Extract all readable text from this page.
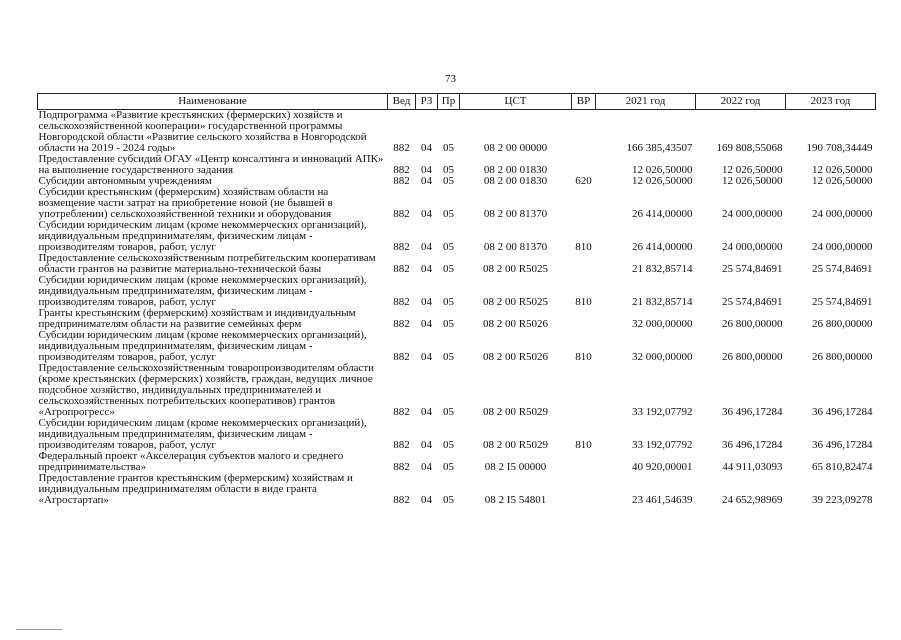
73
Наименование	Вед	РЗ	Пр	ЦСТ	ВР	2021 год	2022 год	2023 год
Подпрограмма «Развитие крестьянских (фермерских) хозяйств и сельскохозяйственной кооперации» государственной программы Новгородской области «Развитие сельского хозяйства в Новгородской области на 2019 - 2024 годы»	882	04	05	08 2 00 00000		166 385,43507	169 808,55068	190 708,34449
Предоставление субсидий ОГАУ «Центр консалтинга и инноваций АПК» на выполнение государственного задания	882	04	05	08 2 00 01830		12 026,50000	12 026,50000	12 026,50000
Субсидии автономным учреждениям	882	04	05	08 2 00 01830	620	12 026,50000	12 026,50000	12 026,50000
Субсидии крестьянским (фермерским) хозяйствам области на возмещение части затрат на приобретение новой (не бывшей в употреблении) сельскохозяйственной техники и оборудования	882	04	05	08 2 00 81370		26 414,00000	24 000,00000	24 000,00000
Субсидии юридическим лицам (кроме некоммерческих организаций), индивидуальным предпринимателям, физическим лицам - производителям товаров, работ, услуг	882	04	05	08 2 00 81370	810	26 414,00000	24 000,00000	24 000,00000
Предоставление сельскохозяйственным потребительским кооперативам области грантов на развитие материально-технической базы	882	04	05	08 2 00 R5025		21 832,85714	25 574,84691	25 574,84691
Субсидии юридическим лицам (кроме некоммерческих организаций), индивидуальным предпринимателям, физическим лицам - производителям товаров, работ, услуг	882	04	05	08 2 00 R5025	810	21 832,85714	25 574,84691	25 574,84691
Гранты крестьянским (фермерским) хозяйствам и индивидуальным предпринимателям области на развитие семейных ферм	882	04	05	08 2 00 R5026		32 000,00000	26 800,00000	26 800,00000
Субсидии юридическим лицам (кроме некоммерческих организаций), индивидуальным предпринимателям, физическим лицам - производителям товаров, работ, услуг	882	04	05	08 2 00 R5026	810	32 000,00000	26 800,00000	26 800,00000
Предоставление сельскохозяйственным товаропроизводителям области (кроме крестьянских (фермерских) хозяйств, граждан, ведущих личное подсобное хозяйство, индивидуальных предпринимателей и сельскохозяйственных потребительских кооперативов) грантов «Агропрогресс»	882	04	05	08 2 00 R5029		33 192,07792	36 496,17284	36 496,17284
Субсидии юридическим лицам (кроме некоммерческих организаций), индивидуальным предпринимателям, физическим лицам - производителям товаров, работ, услуг	882	04	05	08 2 00 R5029	810	33 192,07792	36 496,17284	36 496,17284
Федеральный проект «Акселерация субъектов малого и среднего предпринимательства»	882	04	05	08 2 I5 00000		40 920,00001	44 911,03093	65 810,82474
Предоставление грантов крестьянским (фермерским) хозяйствам и индивидуальным предпринимателям области в виде гранта «Агростартап»	882	04	05	08 2 I5 54801		23 461,54639	24 652,98969	39 223,09278
